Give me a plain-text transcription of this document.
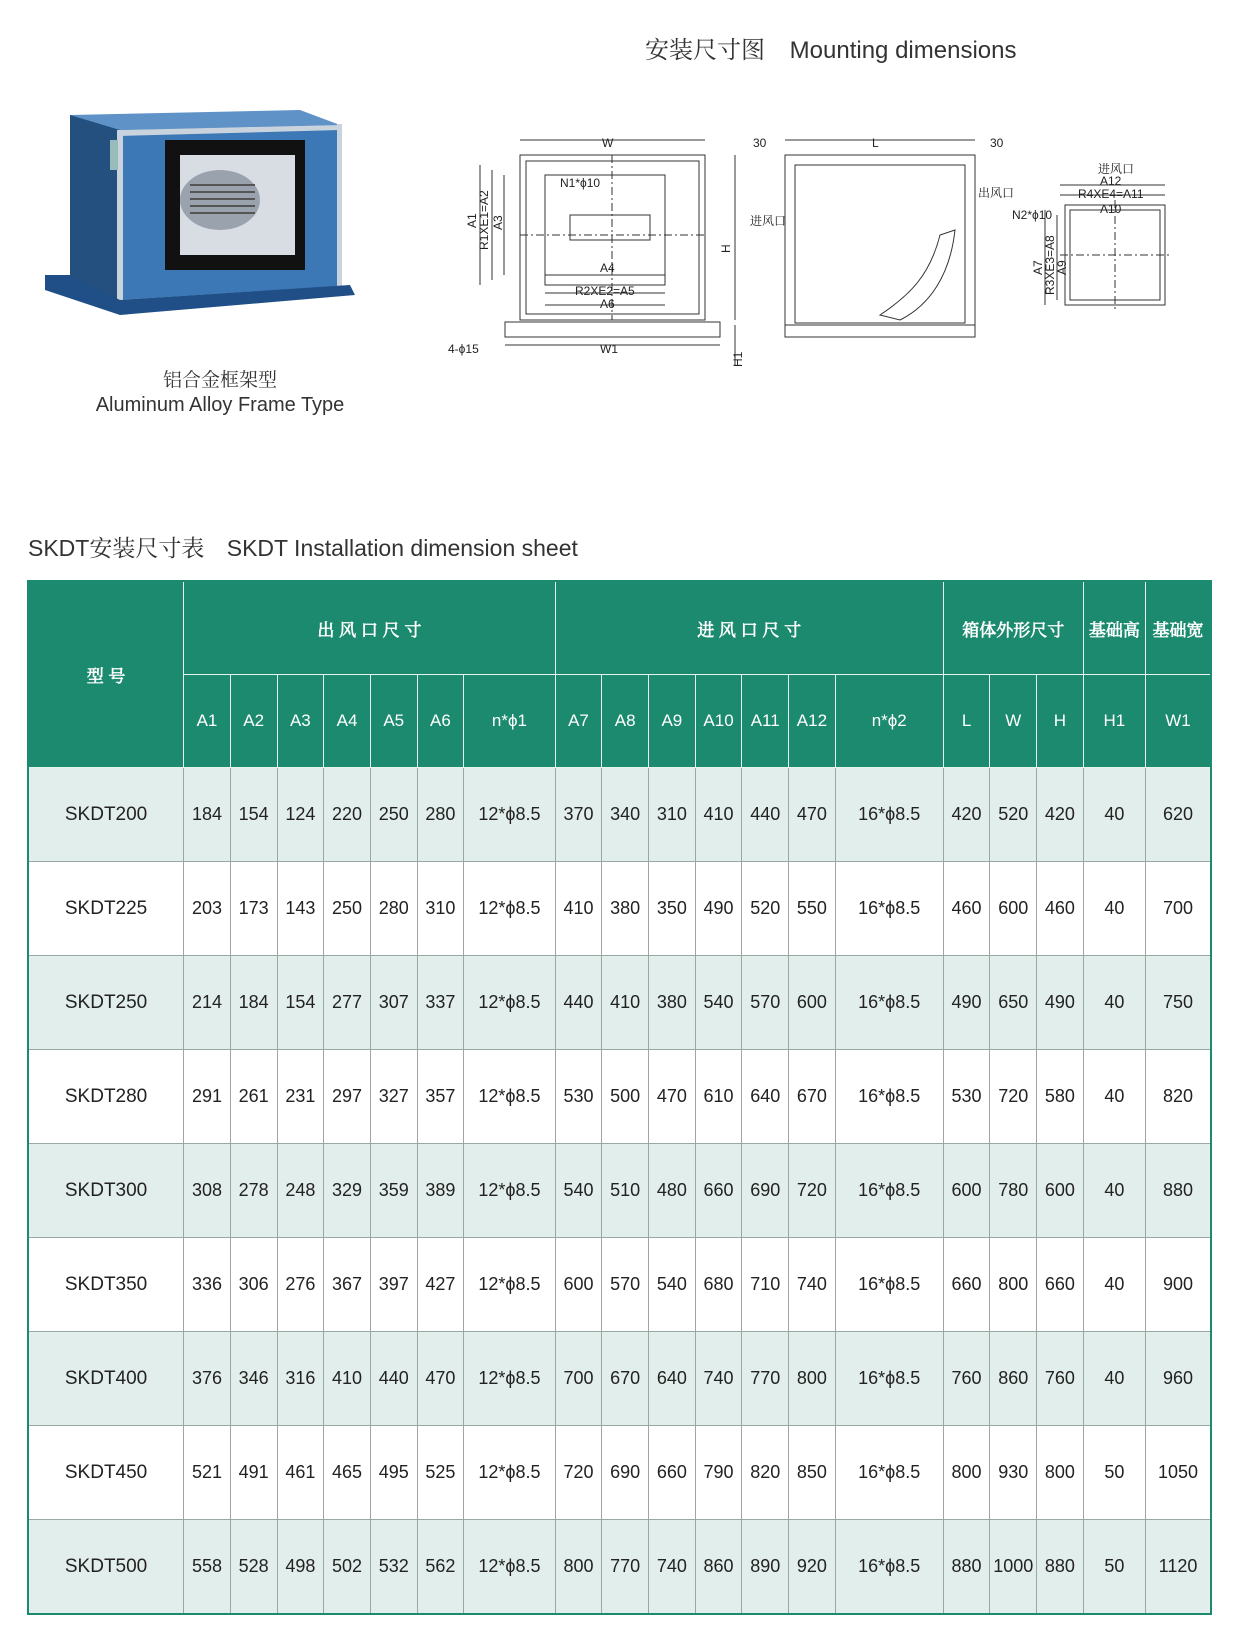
安装尺寸图 Mounting dimensions
铝合金框架型
Aluminum Alloy Frame Type
W	L
30	30
N1*ϕ10
A4
R2XE2=A5
A6
W1
4-ϕ15
H
H1
A1
R1XE1=A2 A3	进风口
出风口
进风口
A12
R4XE4=A11
A10
N2*ϕ10
A7
R3XE3=A8
A9
SKDT安装尺寸表 SKDT Installation dimension sheet
型 号	出 风 口 尺 寸							进 风 口 尺 寸							箱体外形尺寸			基础高	基础宽
	A1	A2	A3	A4	A5	A6	n*ϕ1	A7	A8	A9	A10	A11	A12	n*ϕ2	L	W	H	H1	W1
SKDT200	184	154	124	220	250	280	12*ϕ8.5	370	340	310	410	440	470	16*ϕ8.5	420	520	420	40	620
SKDT225	203	173	143	250	280	310	12*ϕ8.5	410	380	350	490	520	550	16*ϕ8.5	460	600	460	40	700
SKDT250	214	184	154	277	307	337	12*ϕ8.5	440	410	380	540	570	600	16*ϕ8.5	490	650	490	40	750
SKDT280	291	261	231	297	327	357	12*ϕ8.5	530	500	470	610	640	670	16*ϕ8.5	530	720	580	40	820
SKDT300	308	278	248	329	359	389	12*ϕ8.5	540	510	480	660	690	720	16*ϕ8.5	600	780	600	40	880
SKDT350	336	306	276	367	397	427	12*ϕ8.5	600	570	540	680	710	740	16*ϕ8.5	660	800	660	40	900
SKDT400	376	346	316	410	440	470	12*ϕ8.5	700	670	640	740	770	800	16*ϕ8.5	760	860	760	40	960
SKDT450	521	491	461	465	495	525	12*ϕ8.5	720	690	660	790	820	850	16*ϕ8.5	800	930	800	50	1050
SKDT500	558	528	498	502	532	562	12*ϕ8.5	800	770	740	860	890	920	16*ϕ8.5	880	1000	880	50	1120
